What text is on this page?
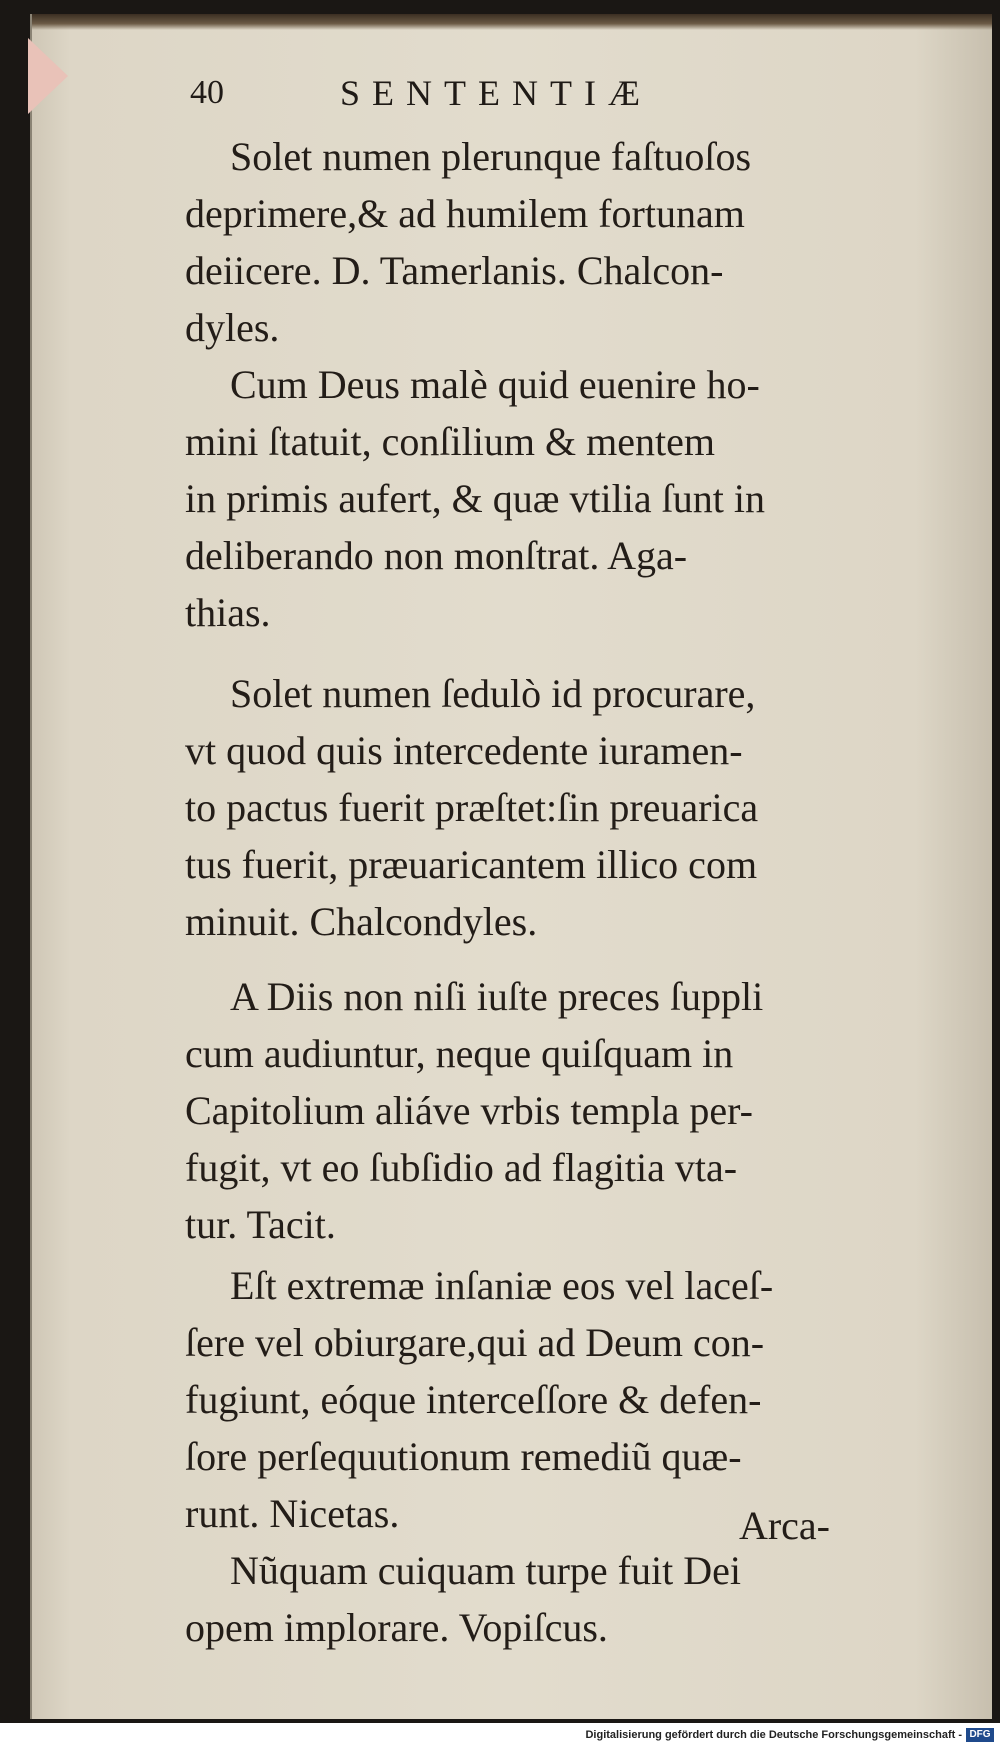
40	SENTENTIÆ
Solet numen plerunque faſtuoſos
deprimere,& ad humilem fortunam
deiicere. D. Tamerlanis. Chalcon-
dyles.
Cum Deus malè quid euenire ho-
mini ſtatuit, conſilium & mentem
in primis aufert, & quæ vtilia ſunt in
deliberando non monſtrat. Aga-
thias.
Solet numen ſedulò id procurare,
vt quod quis intercedente iuramen-
to pactus fuerit præſtet:ſin preuarica
tus fuerit, præuaricantem illico com
minuit. Chalcondyles.
A Diis non niſi iuſte preces ſuppli
cum audiuntur, neque quiſquam in
Capitolium aliáve vrbis templa per-
fugit, vt eo ſubſidio ad flagitia vta-
tur. Tacit.
Eſt extremæ inſaniæ eos vel laceſ-
ſere vel obiurgare,qui ad Deum con-
fugiunt, eóque interceſſore & defen-
ſore perſequutionum remediũ quæ-
runt. Nicetas.
Nũquam cuiquam turpe fuit Dei
opem implorare. Vopiſcus.
Arca-
Digitalisierung gefördert durch die Deutsche Forschungsgemeinschaft - DFG
